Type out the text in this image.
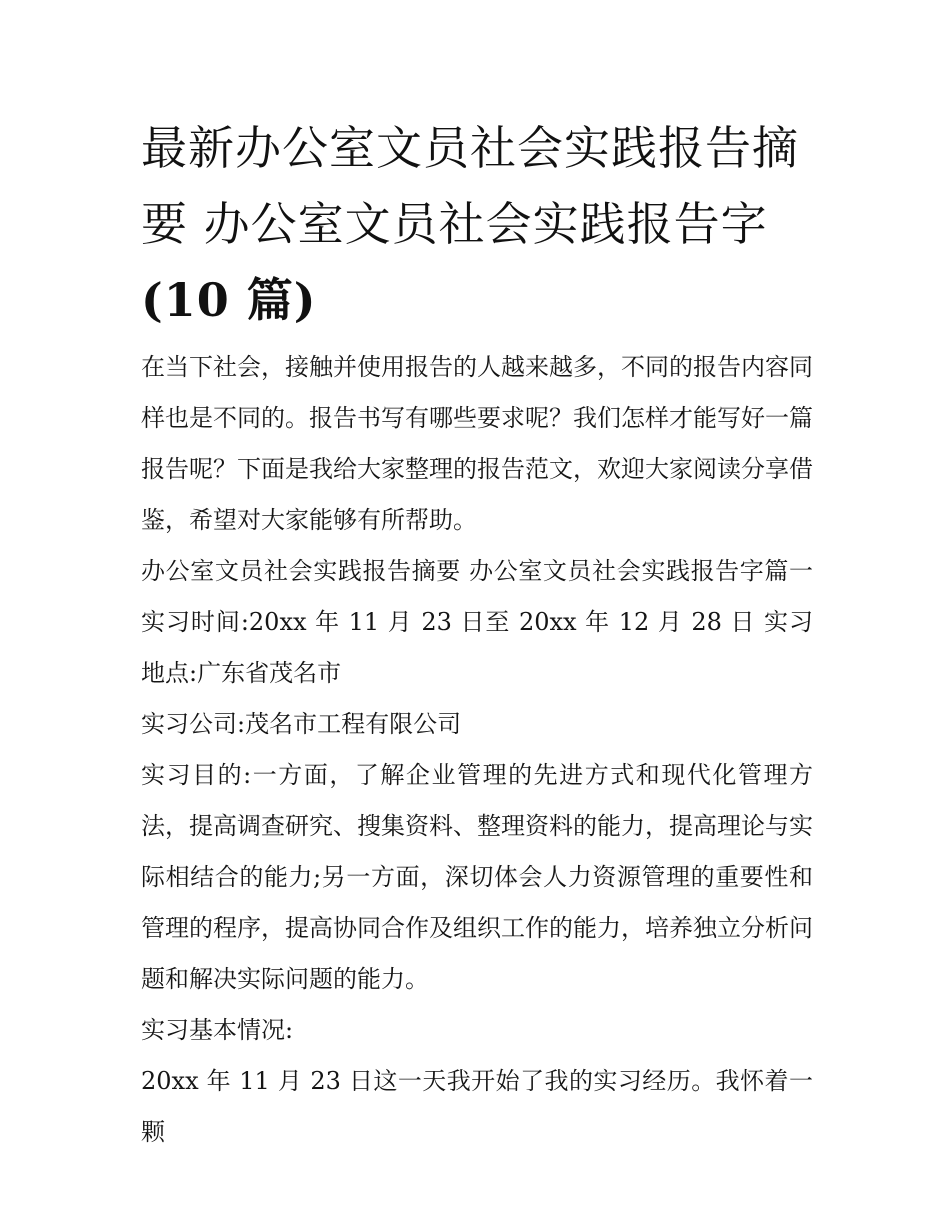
最新办公室文员社会实践报告摘要 办公室文员社会实践报告字(10 篇)

在当下社会，接触并使用报告的人越来越多，不同的报告内容同样也是不同的。报告书写有哪些要求呢？我们怎样才能写好一篇报告呢？下面是我给大家整理的报告范文，欢迎大家阅读分享借鉴，希望对大家能够有所帮助。

办公室文员社会实践报告摘要 办公室文员社会实践报告字篇一 实习时间:20xx 年 11 月 23 日至 20xx 年 12 月 28 日 实习地点:广东省茂名市

实习公司:茂名市工程有限公司

实习目的:一方面，了解企业管理的先进方式和现代化管理方法，提高调查研究、搜集资料、整理资料的能力，提高理论与实际相结合的能力;另一方面，深切体会人力资源管理的重要性和管理的程序，提高协同合作及组织工作的能力，培养独立分析问题和解决实际问题的能力。

实习基本情况:

20xx 年 11 月 23 日这一天我开始了我的实习经历。我怀着一颗
